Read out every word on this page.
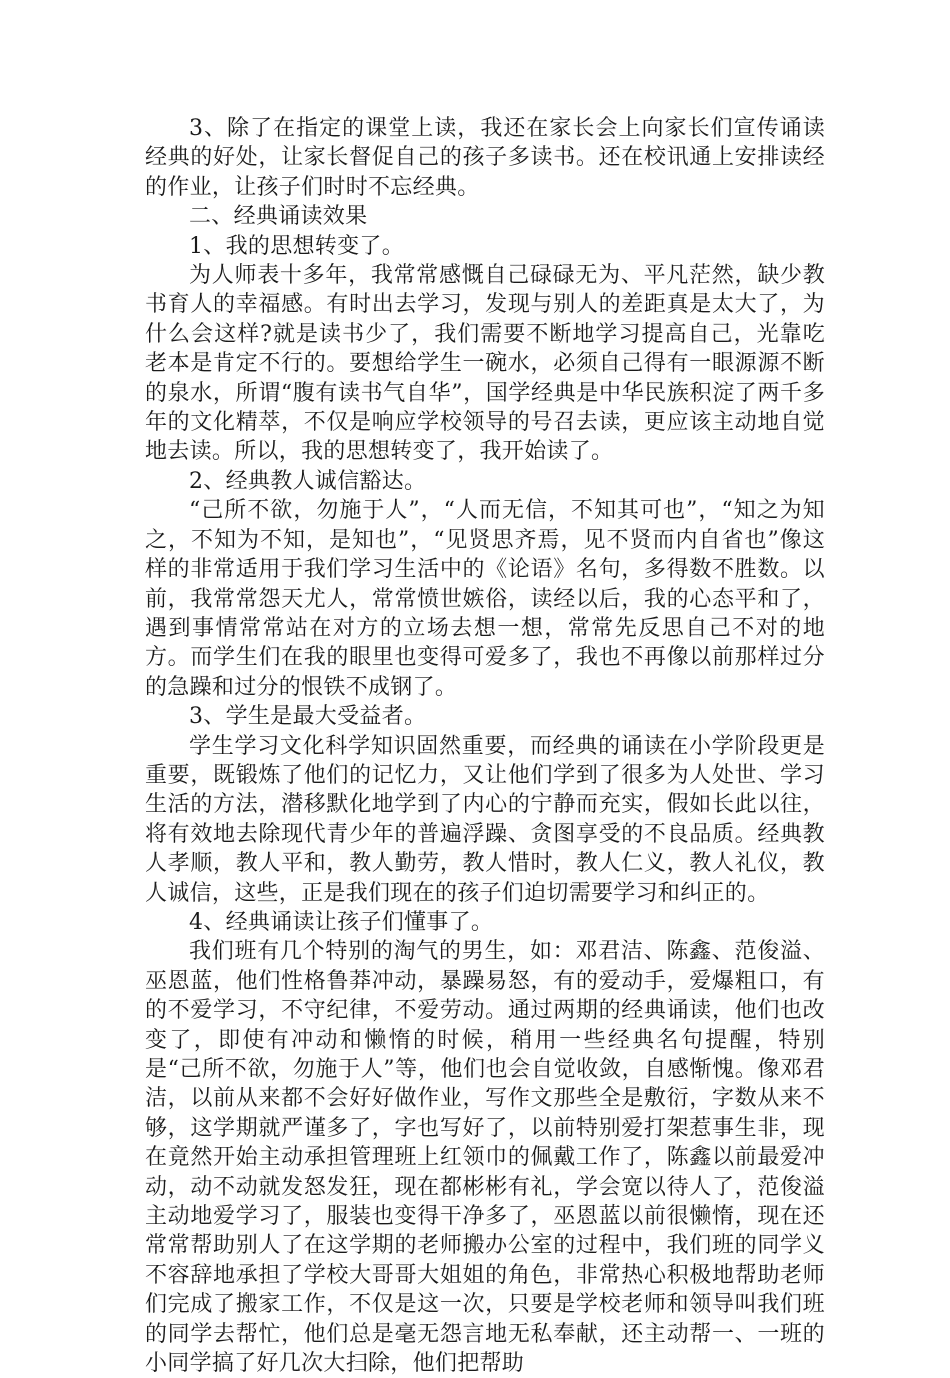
3、除了在指定的课堂上读，我还在家长会上向家长们宣传诵读经典的好处，让家长督促自己的孩子多读书。还在校讯通上安排读经的作业，让孩子们时时不忘经典。

二、经典诵读效果

1、我的思想转变了。

为人师表十多年，我常常感慨自己碌碌无为、平凡茫然，缺少教书育人的幸福感。有时出去学习，发现与别人的差距真是太大了，为什么会这样?就是读书少了，我们需要不断地学习提高自己，光靠吃老本是肯定不行的。要想给学生一碗水，必须自己得有一眼源源不断的泉水，所谓“腹有读书气自华”，国学经典是中华民族积淀了两千多年的文化精萃，不仅是响应学校领导的号召去读，更应该主动地自觉地去读。所以，我的思想转变了，我开始读了。

2、经典教人诚信豁达。

“己所不欲，勿施于人”，“人而无信，不知其可也”，“知之为知之，不知为不知，是知也”，“见贤思齐焉，见不贤而内自省也”像这样的非常适用于我们学习生活中的《论语》名句，多得数不胜数。以前，我常常怨天尤人，常常愤世嫉俗，读经以后，我的心态平和了，遇到事情常常站在对方的立场去想一想，常常先反思自己不对的地方。而学生们在我的眼里也变得可爱多了，我也不再像以前那样过分的急躁和过分的恨铁不成钢了。

3、学生是最大受益者。

学生学习文化科学知识固然重要，而经典的诵读在小学阶段更是重要，既锻炼了他们的记忆力，又让他们学到了很多为人处世、学习生活的方法，潜移默化地学到了内心的宁静而充实，假如长此以往，将有效地去除现代青少年的普遍浮躁、贪图享受的不良品质。经典教人孝顺，教人平和，教人勤劳，教人惜时，教人仁义，教人礼仪，教人诚信，这些，正是我们现在的孩子们迫切需要学习和纠正的。

4、经典诵读让孩子们懂事了。

我们班有几个特别的淘气的男生，如：邓君洁、陈鑫、范俊溢、巫恩蓝，他们性格鲁莽冲动，暴躁易怒，有的爱动手，爱爆粗口，有的不爱学习，不守纪律，不爱劳动。通过两期的经典诵读，他们也改变了，即使有冲动和懒惰的时候，稍用一些经典名句提醒，特别是“己所不欲，勿施于人”等，他们也会自觉收敛，自感惭愧。像邓君洁，以前从来都不会好好做作业，写作文那些全是敷衍，字数从来不够，这学期就严谨多了，字也写好了，以前特别爱打架惹事生非，现在竟然开始主动承担管理班上红领巾的佩戴工作了，陈鑫以前最爱冲动，动不动就发怒发狂，现在都彬彬有礼，学会宽以待人了，范俊溢主动地爱学习了，服装也变得干净多了，巫恩蓝以前很懒惰，现在还常常帮助别人了在这学期的老师搬办公室的过程中，我们班的同学义不容辞地承担了学校大哥哥大姐姐的角色，非常热心积极地帮助老师们完成了搬家工作，不仅是这一次，只要是学校老师和领导叫我们班的同学去帮忙，他们总是毫无怨言地无私奉献，还主动帮一、一班的小同学搞了好几次大扫除，他们把帮助
